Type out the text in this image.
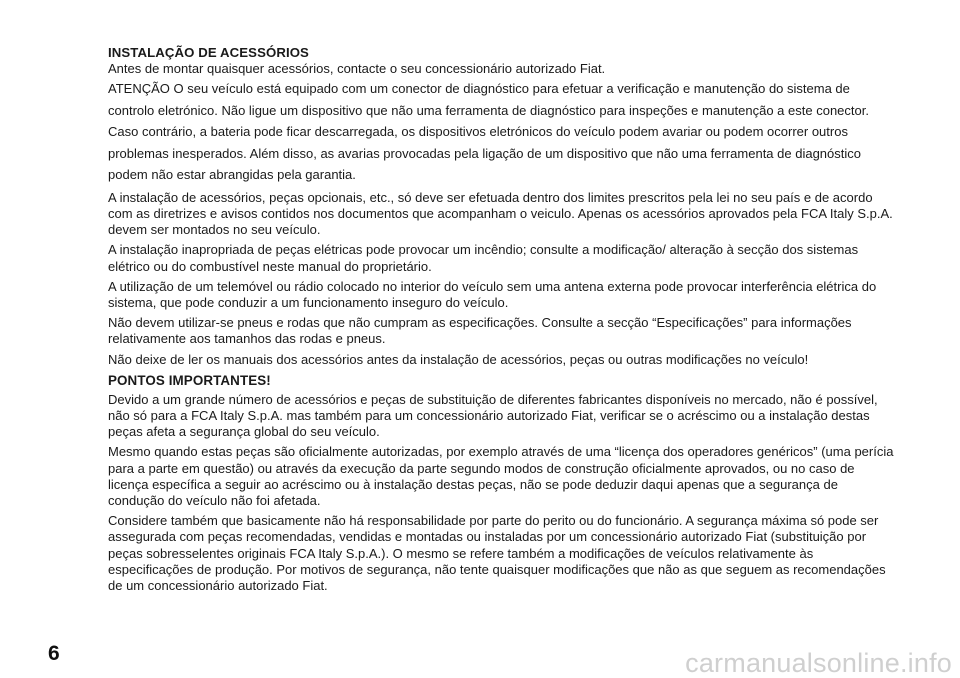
INSTALAÇÃO DE ACESSÓRIOS

Antes de montar quaisquer acessórios, contacte o seu concessionário autorizado Fiat.

ATENÇÃO O seu veículo está equipado com um conector de diagnóstico para efetuar a verificação e manutenção do sistema de controlo eletrónico. Não ligue um dispositivo que não uma ferramenta de diagnóstico para inspeções e manutenção a este conector. Caso contrário, a bateria pode ficar descarregada, os dispositivos eletrónicos do veículo podem avariar ou podem ocorrer outros problemas inesperados. Além disso, as avarias provocadas pela ligação de um dispositivo que não uma ferramenta de diagnóstico podem não estar abrangidas pela garantia.

A instalação de acessórios, peças opcionais, etc., só deve ser efetuada dentro dos limites prescritos pela lei no seu país e de acordo com as diretrizes e avisos contidos nos documentos que acompanham o veiculo. Apenas os acessórios aprovados pela FCA Italy S.p.A. devem ser montados no seu veículo.

A instalação inapropriada de peças elétricas pode provocar um incêndio; consulte a modificação/ alteração à secção dos sistemas elétrico ou do combustível neste manual do proprietário.

A utilização de um telemóvel ou rádio colocado no interior do veículo sem uma antena externa pode provocar interferência elétrica do sistema, que pode conduzir a um funcionamento inseguro do veículo.

Não devem utilizar-se pneus e rodas que não cumpram as especificações. Consulte a secção “Especificações” para informações relativamente aos tamanhos das rodas e pneus.

Não deixe de ler os manuais dos acessórios antes da instalação de acessórios, peças ou outras modificações no veículo!

PONTOS IMPORTANTES!

Devido a um grande número de acessórios e peças de substituição de diferentes fabricantes disponíveis no mercado, não é possível, não só para a FCA Italy S.p.A. mas também para um concessionário autorizado Fiat, verificar se o acréscimo ou a instalação destas peças afeta a segurança global do seu veículo.

Mesmo quando estas peças são oficialmente autorizadas, por exemplo através de uma “licença dos operadores genéricos” (uma perícia para a parte em questão) ou através da execução da parte segundo modos de construção oficialmente aprovados, ou no caso de licença específica a seguir ao acréscimo ou à instalação destas peças, não se pode deduzir daqui apenas que a segurança de condução do veículo não foi afetada.

Considere também que basicamente não há responsabilidade por parte do perito ou do funcionário. A segurança máxima só pode ser assegurada com peças recomendadas, vendidas e montadas ou instaladas por um concessionário autorizado Fiat (substituição por peças sobresselentes originais FCA Italy S.p.A.). O mesmo se refere também a modificações de veículos relativamente às especificações de produção. Por motivos de segurança, não tente quaisquer modificações que não as que seguem as recomendações de um concessionário autorizado Fiat.

6	carmanualsonline.info
